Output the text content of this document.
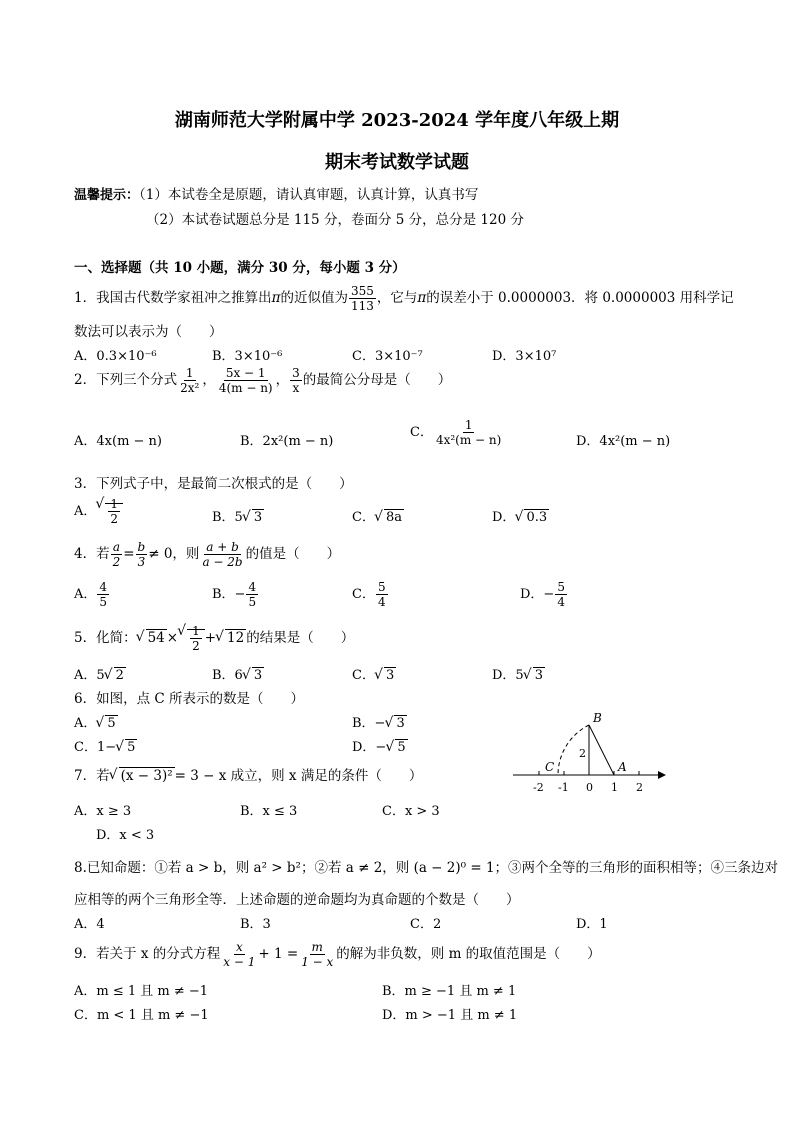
湖南师范大学附属中学 2023-2024 学年度八年级上期
期末考试数学试题
温馨提示：（1）本试卷全是原题，请认真审题，认真计算，认真书写
（2）本试卷试题总分是 115 分，卷面分 5 分，总分是 120 分
一、选择题（共 10 小题，满分 30 分，每小题 3 分）
1．我国古代数学家祖冲之推算出π的近似值为 $\frac{355}{113}$ ，它与π的误差小于 0.0000003．将 0.0000003 用科学记
数法可以表示为（　　）
A．0.3×10⁻⁶	B．3×10⁻⁶	C．3×10⁻⁷	D．3×10⁷
2．下列三个分式 $\frac{1}{\text{2x²}}$ ， $\frac{5x - 1}{4(m - n)}$ ， $\frac{3}{x}$ 的最简公分母是（　　）
A．4x(m − n)	B．2x²(m − n)
C． $\frac{1}{\text{4x²(m − n)}}$	D．4x²(m − n)
3．下列式子中，是最简二次根式的是（　　）
A． √ $\frac{1}{2}$	B．5 √ 3	C． √ 8a	D． √ 0.3
4．若 $\frac{a}{2} = \frac{b}{3} \ne 0$，则 $\frac{a + b}{a - 2b}$ 的值是（　　）
A． $\frac{4}{5}$	B．− $\frac{4}{5}$	C． $\frac{5}{4}$	D．− $\frac{5}{4}$
5．化简： √ 54 × √ $\frac{1}{2}$ + √ 12 的结果是（　　）
A．5 √ 2	B．6 √ 3	C． √ 3	D．5 √ 3
6．如图，点 C 所表示的数是（　　）
A． √ 5	B．− √ 3
C．1− √ 5	D．− √ 5
B
A
C
2
-2 -1 0 1 2
7．若 √ (x − 3)² = 3 − x 成立，则 x 满足的条件（　　）
A．x ≥ 3	B．x ≤ 3	C．x > 3
D．x < 3
8.已知命题：①若 a > b，则 a² > b²；②若 a ≠ 2，则 (a − 2)⁰ = 1；③两个全等的三角形的面积相等；④三条边对
应相等的两个三角形全等．上述命题的逆命题均为真命题的个数是（　　）
A．4	B．3	C．2	D．1
9．若关于 x 的分式方程 $\frac{x}{x - 1} + 1 = \frac{m}{1 - x}$ 的解为非负数，则 m 的取值范围是（　　）
A．m ≤ 1 且 m ≠ −1	B．m ≥ −1 且 m ≠ 1
C．m < 1 且 m ≠ −1	D．m > −1 且 m ≠ 1
